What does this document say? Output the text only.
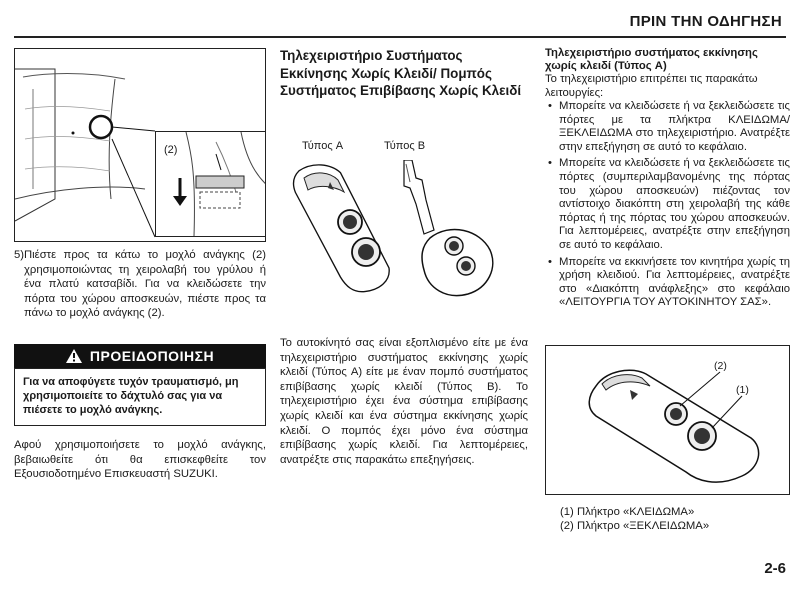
ΠΡΙΝ ΤΗΝ ΟΔΗΓΗΣΗ
(2)
5) Πιέστε προς τα κάτω το μοχλό ανάγκης (2) χρησιμοποιώντας τη χειρολαβή του γρύλου ή ένα πλατύ κατσαβίδι. Για να κλειδώσετε την πόρτα του χώρου αποσκευών, πιέστε προς τα πάνω το μοχλό ανάγκης (2).

ΠΡΟΕΙΔΟΠΟΙΗΣΗ
Για να αποφύγετε τυχόν τραυματισμό, μη χρησιμοποιείτε το δάχτυλό σας για να πιέσετε το μοχλό ανάγκης.

Αφού χρησιμοποιήσετε το μοχλό ανάγκης, βεβαιωθείτε ότι θα επισκεφθείτε τον Εξουσιοδοτημένο Επισκευαστή SUZUKI.

Τηλεχειριστήριο Συστήματος Εκκίνησης Χωρίς Κλειδί/ Πομπός Συστήματος Επιβίβασης Χωρίς Κλειδί
Τύπος A	Τύπος B

Το αυτοκίνητό σας είναι εξοπλισμένο είτε με ένα τηλεχειριστήριο συστήματος εκκίνησης χωρίς κλειδί (Τύπος A) είτε με έναν πομπό συστήματος επιβίβασης χωρίς κλειδί (Τύπος B). Το τηλεχειριστήριο έχει ένα σύστημα επιβίβασης χωρίς κλειδί και ένα σύστημα εκκίνησης χωρίς κλειδί. Ο πομπός έχει μόνο ένα σύστημα επιβίβασης χωρίς κλειδί. Για λεπτομέρειες, ανατρέξτε στις παρακάτω επεξηγήσεις.

Τηλεχειριστήριο συστήματος εκκίνησης χωρίς κλειδί (Τύπος A)

Το τηλεχειριστήριο επιτρέπει τις παρακάτω λειτουργίες:

• Μπορείτε να κλειδώσετε ή να ξεκλειδώσετε τις πόρτες με τα πλήκτρα ΚΛΕΙΔΩΜΑ/ΞΕΚΛΕΙΔΩΜΑ στο τηλεχειριστήριο. Ανατρέξτε στην επεξήγηση σε αυτό το κεφάλαιο.
• Μπορείτε να κλειδώσετε ή να ξεκλειδώσετε τις πόρτες (συμπεριλαμβανομένης της πόρτας του χώρου αποσκευών) πιέζοντας τον αντίστοιχο διακόπτη στη χειρολαβή της κάθε πόρτας ή της πόρτας του χώρου αποσκευών. Για λεπτομέρειες, ανατρέξτε στην επεξήγηση σε αυτό το κεφάλαιο.
• Μπορείτε να εκκινήσετε τον κινητήρα χωρίς τη χρήση κλειδιού. Για λεπτομέρειες, ανατρέξτε στο «Διακόπτη ανάφλεξης» στο κεφάλαιο «ΛΕΙΤΟΥΡΓΙΑ ΤΟΥ ΑΥΤΟΚΙΝΗΤΟΥ ΣΑΣ».
(2)
(1)
(1) Πλήκτρο «ΚΛΕΙΔΩΜΑ»
(2) Πλήκτρο «ΞΕΚΛΕΙΔΩΜΑ»
2-6
